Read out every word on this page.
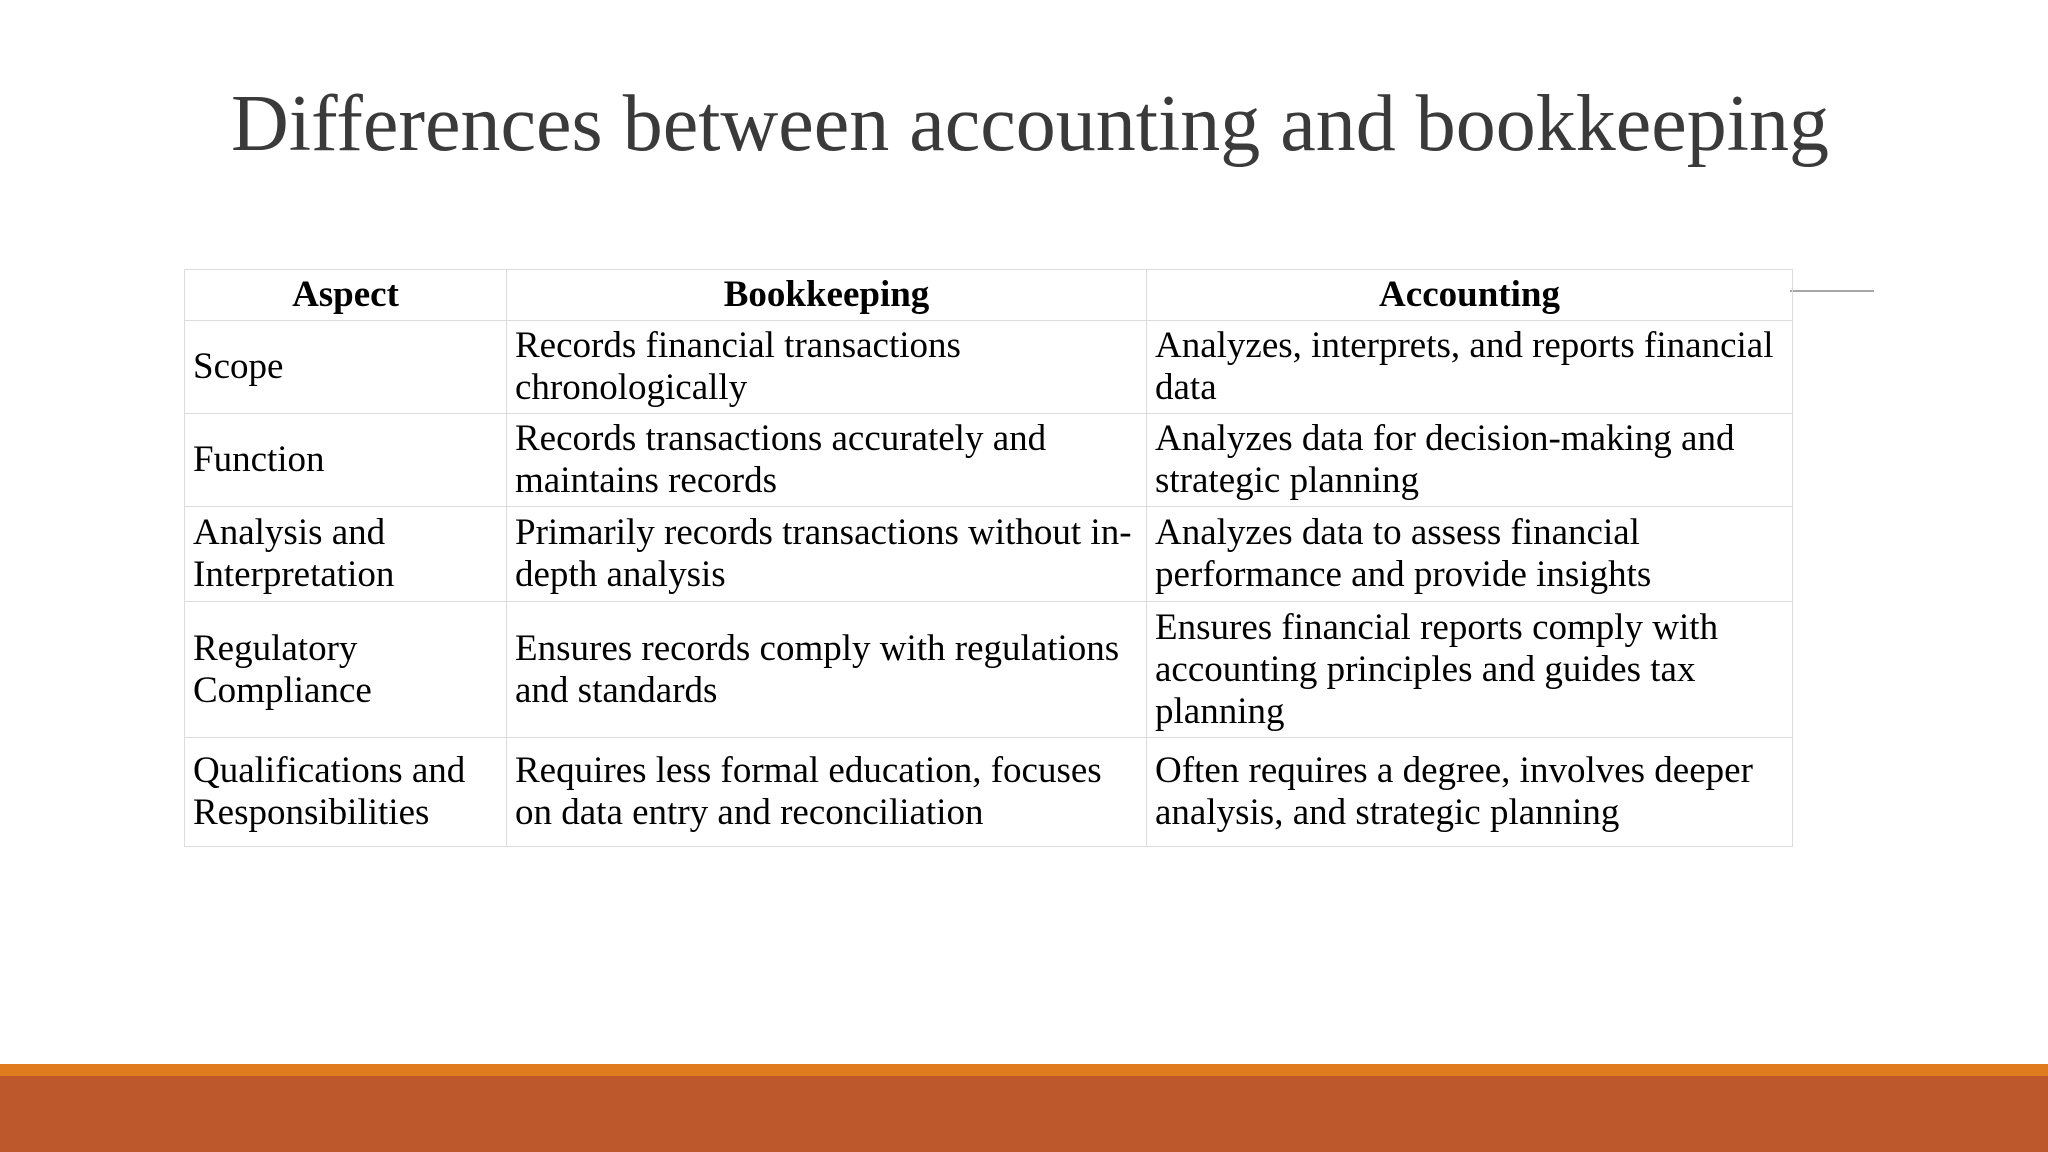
Differences between accounting and bookkeeping
Aspect	Bookkeeping	Accounting
Scope	Records financial transactions chronologically	Analyzes, interprets, and reports financial data
Function	Records transactions accurately and maintains records	Analyzes data for decision-making and strategic planning
Analysis and Interpretation	Primarily records transactions without in-depth analysis	Analyzes data to assess financial performance and provide insights
Regulatory Compliance	Ensures records comply with regulations and standards	Ensures financial reports comply with accounting principles and guides tax planning
Qualifications and Responsibilities	Requires less formal education, focuses on data entry and reconciliation	Often requires a degree, involves deeper analysis, and strategic planning
